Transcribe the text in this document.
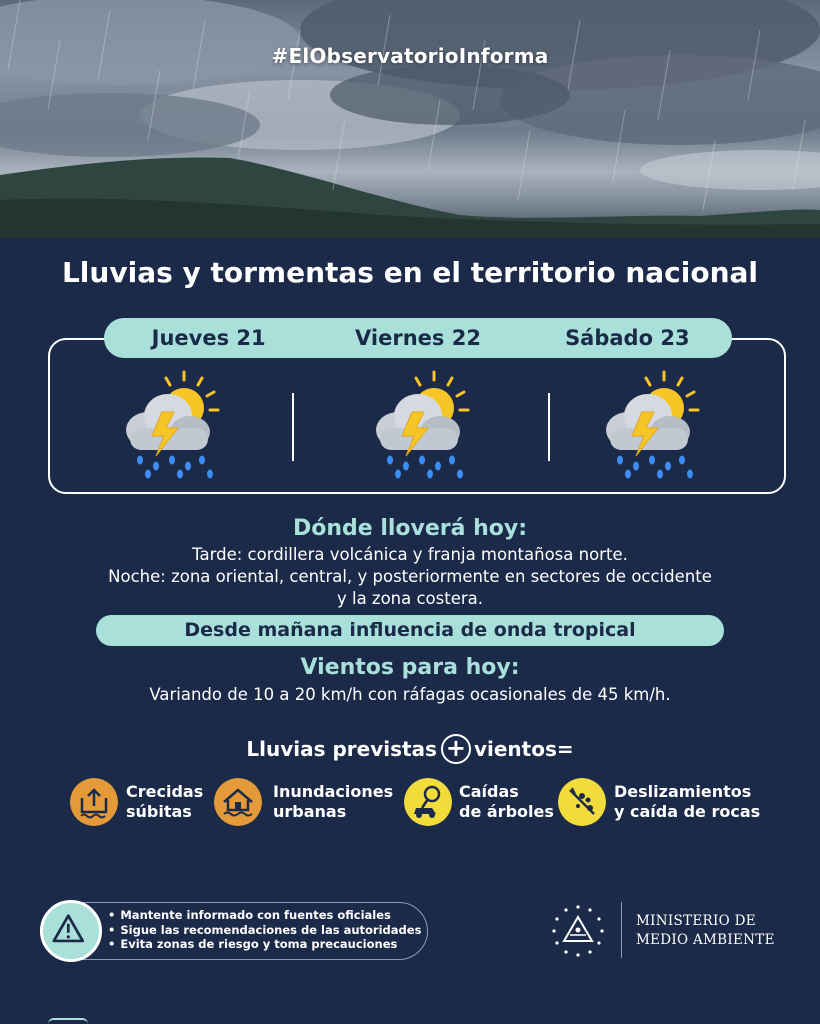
#ElObservatorioInforma
Lluvias y tormentas en el territorio nacional
Jueves 21	Viernes 22	Sábado 23
Dónde lloverá hoy:
Tarde: cordillera volcánica y franja montañosa norte.
Noche: zona oriental, central, y posteriormente en sectores de occidente
y la zona costera.
Desde mañana influencia de onda tropical
Vientos para hoy:
Variando de 10 a 20 km/h con ráfagas ocasionales de 45 km/h.
Lluvias previstas + vientos=
Crecidas
súbitas
Inundaciones
urbanas
Caídas
de árboles
Deslizamientos
y caída de rocas
• Mantente informado con fuentes oficiales
• Sigue las recomendaciones de las autoridades
• Evita zonas de riesgo y toma precauciones
MINISTERIO DE
MEDIO AMBIENTE
